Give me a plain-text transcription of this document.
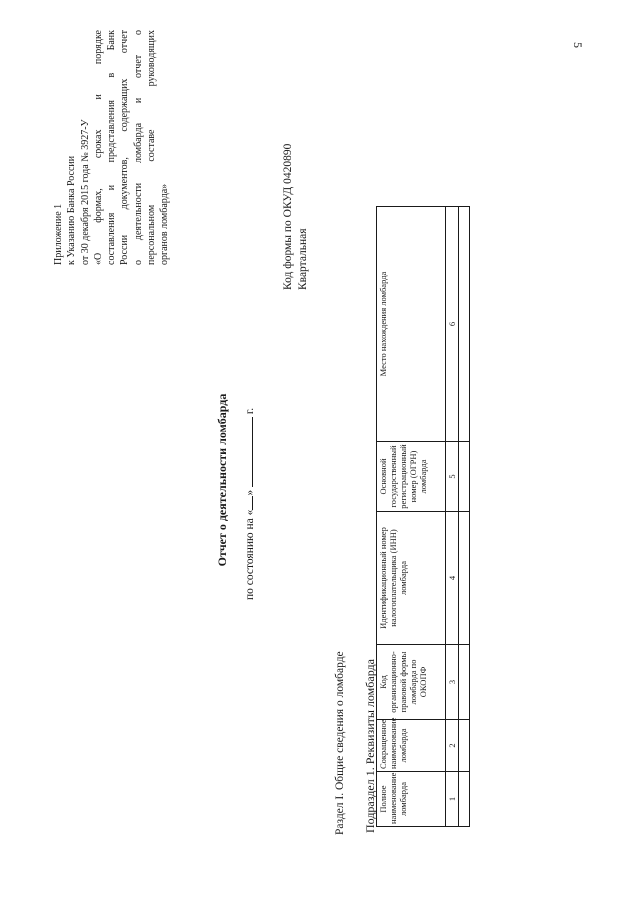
5
Приложение 1 к Указанию Банка России от 30 декабря 2015 года № 3927-У «О формах, сроках и порядке составления и представления в Банк России документов, содержащих отчет о деятельности ломбарда и отчет о персональном составе руководящих органов ломбарда»	Код формы по ОКУД 0420890 Квартальная
Отчет о деятельности ломбарда по состоянию на «»  г.
Раздел I. Общие сведения о ломбарде Подраздел 1. Реквизиты ломбарда Полное наименование ломбарда	Сокращенное наименование ломбарда	Код организационно-правовой формы ломбарда по ОКОПФ	Идентификационный номер налогоплательщика (ИНН) ломбарда	Основной государственный регистрационный номер (ОГРН) ломбарда	Место нахождения ломбарда
1	2	3	4	5	6
